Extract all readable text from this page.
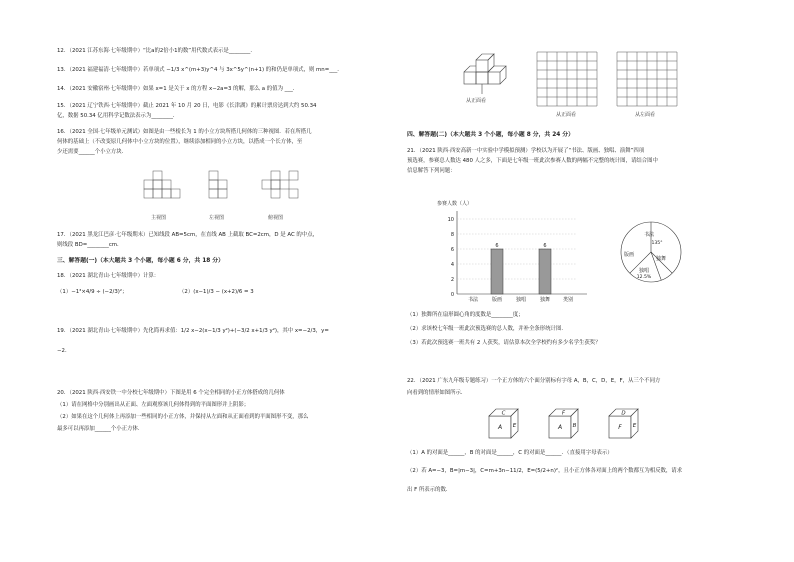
12．（2021 江苏东海·七年级期中）“比a的2倍小1的数”用代数式表示是________．
13．（2021 福建福清·七年级期中）若单项式 −1/3 x^(m+3)y^4 与 3x^5y^(n+1) 的和仍是单项式，则 mn=___．
14．（2021 安徽宿州·七年级期中）如果 x=1 是关于 x 的方程 x−2a=3 的解，那么 a 的值为 ___．
15．（2021 辽宁铁西·七年级期中）截止 2021 年 10 月 20 日，电影《长津湖》的累计票房达到大约 50.34
亿，数据 50.34 亿用科学记数法表示为________．
16．（2021 全国·七年级单元测试）如图是由一些棱长为 1 的小立方块所搭几何体的三种视图．若在所搭几
何体的基础上（不改变原几何体中小立方块的位置），继续添加相同的小立方块，以搭成一个长方体，至
少还需要______个小立方块．
主视图	左视图	俯视图
17．（2021 黑龙江巴彦·七年级期末）已知线段 AB=5cm，在直线 AB 上截取 BC=2cm，D 是 AC 的中点，
则线段 BD=________cm．
三、解答题(一)（本大题共 3 个小题，每小题 6 分，共 18 分）
18．（2021 湖北青山·七年级期中）计算：
（1）−1³×4/9 ÷ (−2/3)²；	（2）(x−1)/3 − (x+2)/6 = 3
19．（2021 湖北青山·七年级期中）先化简再求值：1/2 x−2(x−1/3 y²)+(−3/2 x+1/3 y²)，其中 x=−2/3，y=
−2．
20．（2021 陕西·西安铁一中分校七年级期中）下图是用 6 个完全相同的小正方体搭成的几何体
（1）请在网格中分别画出从正面、左面观察该几何体得到的平面图形并上阴影；
（2）如果在这个几何体上再添加一些相同的小正方体，并保持从左面和从正面看到的平面图形不变，那么
最多可以再添加______个小正方体．
从正面看
从正面看	从左面看
四、解答题(二)（本大题共 3 个小题，每小题 8 分，共 24 分）
21．（2021 陕西·西安高新一中实验中学模拟预测）学校以为开展了“书法、版画、独唱、演舞”四项
预选赛，参赛总人数达 480 人之多，下面是七年级一班此次参赛人数的两幅不完整的统计图，请结合图中
信息解答下列问题：
参赛人数（人）
0
2
4
6
8
10
书法	版画
6
独唱	独舞
6
类别
书法
独舞
独唱
版画
135°
12.5%
（1）独舞所在扇形圆心角的度数是________度；
（2）求该校七年级一班此次预选赛的总人数，并补全条形统计图．
（3）若此次预选赛一班共有 2 人获奖，请估算本次全学校约有多少名学生获奖？
22．（2021 广东九年级专题练习）一个正方体的六个面分别标有字母 A，B，C，D，E，F，从三个不同方
向看到的情形如图所示．
C
A E
F
A B
D
F E
（1）A 的对面是______，B 的对面是______，C 的对面是______．（直接用字母表示）
（2）若 A=−3，B=|m−3|，C=m+3n−11/2，E=(5/2+n)²，且小正方体各对面上的两个数都互为相反数，请求
出 F 所表示的数．
